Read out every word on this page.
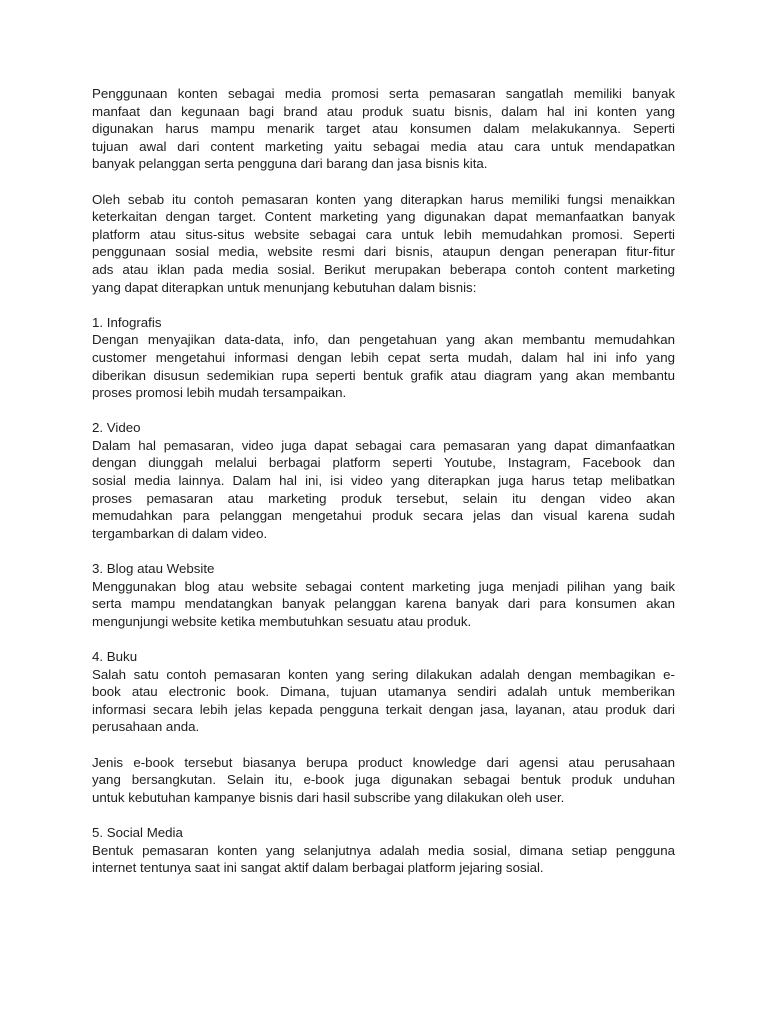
Penggunaan konten sebagai media promosi serta pemasaran sangatlah memiliki banyak
manfaat dan kegunaan bagi brand atau produk suatu bisnis, dalam hal ini konten yang
digunakan harus mampu menarik target atau konsumen dalam melakukannya. Seperti
tujuan awal dari content marketing yaitu sebagai media atau cara untuk mendapatkan
banyak pelanggan serta pengguna dari barang dan jasa bisnis kita.
Oleh sebab itu contoh pemasaran konten yang diterapkan harus memiliki fungsi menaikkan
keterkaitan dengan target. Content marketing yang digunakan dapat memanfaatkan banyak
platform atau situs-situs website sebagai cara untuk lebih memudahkan promosi. Seperti
penggunaan sosial media, website resmi dari bisnis, ataupun dengan penerapan fitur-fitur
ads atau iklan pada media sosial. Berikut merupakan beberapa contoh content marketing
yang dapat diterapkan untuk menunjang kebutuhan dalam bisnis:
1. Infografis
Dengan menyajikan data-data, info, dan pengetahuan yang akan membantu memudahkan
customer mengetahui informasi dengan lebih cepat serta mudah, dalam hal ini info yang
diberikan disusun sedemikian rupa seperti bentuk grafik atau diagram yang akan membantu
proses promosi lebih mudah tersampaikan.
2. Video
Dalam hal pemasaran, video juga dapat sebagai cara pemasaran yang dapat dimanfaatkan
dengan diunggah melalui berbagai platform seperti Youtube, Instagram, Facebook dan
sosial media lainnya. Dalam hal ini, isi video yang diterapkan juga harus tetap melibatkan
proses pemasaran atau marketing produk tersebut, selain itu dengan video akan
memudahkan para pelanggan mengetahui produk secara jelas dan visual karena sudah
tergambarkan di dalam video.
3. Blog atau Website
Menggunakan blog atau website sebagai content marketing juga menjadi pilihan yang baik
serta mampu mendatangkan banyak pelanggan karena banyak dari para konsumen akan
mengunjungi website ketika membutuhkan sesuatu atau produk.
4. Buku
Salah satu contoh pemasaran konten yang sering dilakukan adalah dengan membagikan e-
book atau electronic book. Dimana, tujuan utamanya sendiri adalah untuk memberikan
informasi secara lebih jelas kepada pengguna terkait dengan jasa, layanan, atau produk dari
perusahaan anda.
Jenis e-book tersebut biasanya berupa product knowledge dari agensi atau perusahaan
yang bersangkutan. Selain itu, e-book juga digunakan sebagai bentuk produk unduhan
untuk kebutuhan kampanye bisnis dari hasil subscribe yang dilakukan oleh user.
5. Social Media
Bentuk pemasaran konten yang selanjutnya adalah media sosial, dimana setiap pengguna
internet tentunya saat ini sangat aktif dalam berbagai platform jejaring sosial.
